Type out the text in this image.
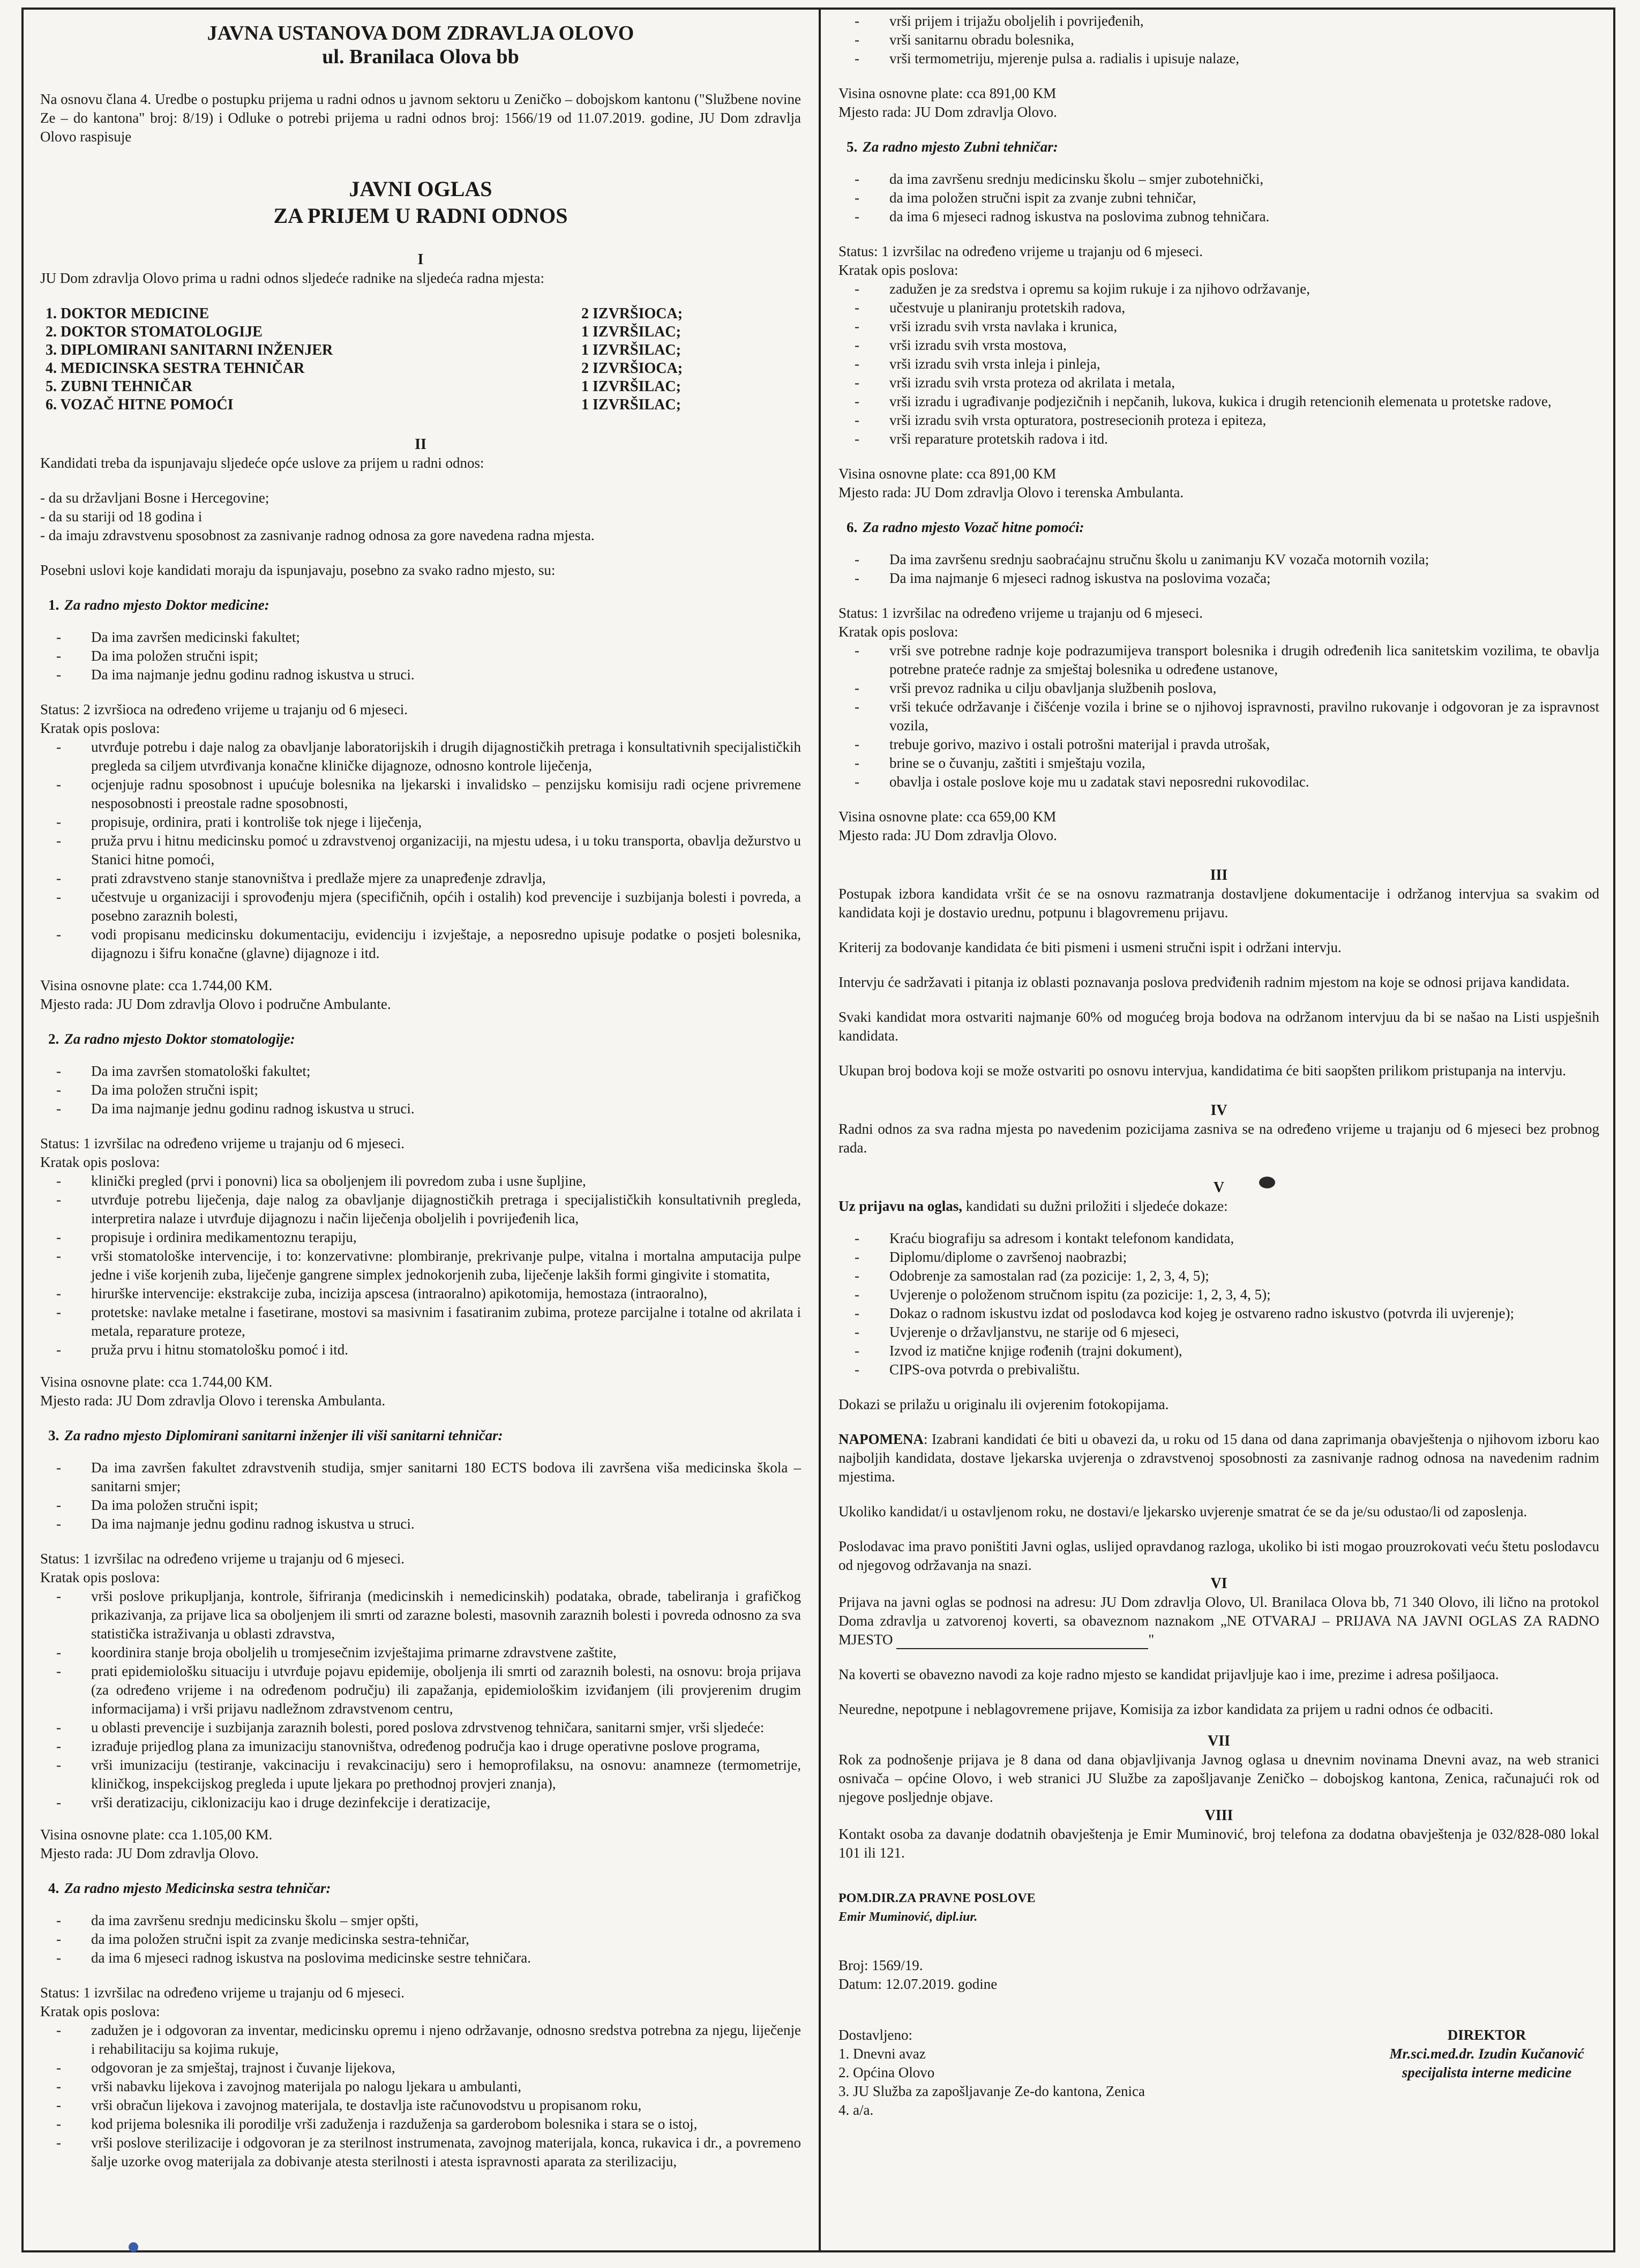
JAVNA USTANOVA DOM ZDRAVLJA OLOVO
ul. Branilaca Olova bb

Na osnovu člana 4. Uredbe o postupku prijema u radni odnos u javnom sektoru u Zeničko – dobojskom kantonu ("Službene novine Ze – do kantona" broj: 8/19) i Odluke o potrebi prijema u radni odnos broj: 1566/19 od 11.07.2019. godine, JU Dom zdravlja Olovo raspisuje

JAVNI OGLAS
ZA PRIJEM U RADNI ODNOS

I

JU Dom zdravlja Olovo prima u radni odnos sljedeće radnike na sljedeća radna mjesta:

1. DOKTOR MEDICINE	2 IZVRŠIOCA;
2. DOKTOR STOMATOLOGIJE	1 IZVRŠILAC;
3. DIPLOMIRANI SANITARNI INŽENJER	1 IZVRŠILAC;
4. MEDICINSKA SESTRA TEHNIČAR	2 IZVRŠIOCA;
5. ZUBNI TEHNIČAR	1 IZVRŠILAC;
6. VOZAČ HITNE POMOĆI	1 IZVRŠILAC;

II

Kandidati treba da ispunjavaju sljedeće opće uslove za prijem u radni odnos:

- da su državljani Bosne i Hercegovine;

- da su stariji od 18 godina i

- da imaju zdravstvenu sposobnost za zasnivanje radnog odnosa za gore navedena radna mjesta.

Posebni uslovi koje kandidati moraju da ispunjavaju, posebno za svako radno mjesto, su:

1. Za radno mjesto Doktor medicine:

- Da ima završen medicinski fakultet;
- Da ima položen stručni ispit;
- Da ima najmanje jednu godinu radnog iskustva u struci.

Status: 2 izvršioca na određeno vrijeme u trajanju od 6 mjeseci.

Kratak opis poslova:

- utvrđuje potrebu i daje nalog za obavljanje laboratorijskih i drugih dijagnostičkih pretraga i konsultativnih specijalističkih pregleda sa ciljem utvrđivanja konačne kliničke dijagnoze, odnosno kontrole liječenja,
- ocjenjuje radnu sposobnost i upućuje bolesnika na ljekarski i invalidsko – penzijsku komisiju radi ocjene privremene nesposobnosti i preostale radne sposobnosti,
- propisuje, ordinira, prati i kontroliše tok njege i liječenja,
- pruža prvu i hitnu medicinsku pomoć u zdravstvenoj organizaciji, na mjestu udesa, i u toku transporta, obavlja dežurstvo u Stanici hitne pomoći,
- prati zdravstveno stanje stanovništva i predlaže mjere za unapređenje zdravlja,
- učestvuje u organizaciji i sprovođenju mjera (specifičnih, općih i ostalih) kod prevencije i suzbijanja bolesti i povreda, a posebno zaraznih bolesti,
- vodi propisanu medicinsku dokumentaciju, evidenciju i izvještaje, a neposredno upisuje podatke o posjeti bolesnika, dijagnozu i šifru konačne (glavne) dijagnoze i itd.

Visina osnovne plate: cca 1.744,00 KM.

Mjesto rada: JU Dom zdravlja Olovo i područne Ambulante.

2. Za radno mjesto Doktor stomatologije:

- Da ima završen stomatološki fakultet;
- Da ima položen stručni ispit;
- Da ima najmanje jednu godinu radnog iskustva u struci.

Status: 1 izvršilac na određeno vrijeme u trajanju od 6 mjeseci.

Kratak opis poslova:

- klinički pregled (prvi i ponovni) lica sa oboljenjem ili povredom zuba i usne šupljine,
- utvrđuje potrebu liječenja, daje nalog za obavljanje dijagnostičkih pretraga i specijalističkih konsultativnih pregleda, interpretira nalaze i utvrđuje dijagnozu i način liječenja oboljelih i povrijeđenih lica,
- propisuje i ordinira medikamentoznu terapiju,
- vrši stomatološke intervencije, i to: konzervativne: plombiranje, prekrivanje pulpe, vitalna i mortalna amputacija pulpe jedne i više korjenih zuba, liječenje gangrene simplex jednokorjenih zuba, liječenje lakših formi gingivite i stomatita,
- hirurške intervencije: ekstrakcije zuba, incizija apscesa (intraoralno) apikotomija, hemostaza (intraoralno),
- protetske: navlake metalne i fasetirane, mostovi sa masivnim i fasatiranim zubima, proteze parcijalne i totalne od akrilata i metala, reparature proteze,
- pruža prvu i hitnu stomatološku pomoć i itd.

Visina osnovne plate: cca 1.744,00 KM.

Mjesto rada: JU Dom zdravlja Olovo i terenska Ambulanta.

3. Za radno mjesto Diplomirani sanitarni inženjer ili viši sanitarni tehničar:

- Da ima završen fakultet zdravstvenih studija, smjer sanitarni 180 ECTS bodova ili završena viša medicinska škola – sanitarni smjer;
- Da ima položen stručni ispit;
- Da ima najmanje jednu godinu radnog iskustva u struci.

Status: 1 izvršilac na određeno vrijeme u trajanju od 6 mjeseci.

Kratak opis poslova:

- vrši poslove prikupljanja, kontrole, šifriranja (medicinskih i nemedicinskih) podataka, obrade, tabeliranja i grafičkog prikazivanja, za prijave lica sa oboljenjem ili smrti od zarazne bolesti, masovnih zaraznih bolesti i povreda odnosno za sva statistička istraživanja u oblasti zdravstva,
- koordinira stanje broja oboljelih u tromjesečnim izvještajima primarne zdravstvene zaštite,
- prati epidemiološku situaciju i utvrđuje pojavu epidemije, oboljenja ili smrti od zaraznih bolesti, na osnovu: broja prijava (za određeno vrijeme i na određenom području) ili zapažanja, epidemiološkim izviđanjem (ili provjerenim drugim informacijama) i vrši prijavu nadležnom zdravstvenom centru,
- u oblasti prevencije i suzbijanja zaraznih bolesti, pored poslova zdrvstvenog tehničara, sanitarni smjer, vrši sljedeće:
- izrađuje prijedlog plana za imunizaciju stanovništva, određenog područja kao i druge operativne poslove programa,
- vrši imunizaciju (testiranje, vakcinaciju i revakcinaciju) sero i hemoprofilaksu, na osnovu: anamneze (termometrije, kliničkog, inspekcijskog pregleda i upute ljekara po prethodnoj provjeri znanja),
- vrši deratizaciju, ciklonizaciju kao i druge dezinfekcije i deratizacije,

Visina osnovne plate: cca 1.105,00 KM.

Mjesto rada: JU Dom zdravlja Olovo.

4. Za radno mjesto Medicinska sestra tehničar:

- da ima završenu srednju medicinsku školu – smjer opšti,
- da ima položen stručni ispit za zvanje medicinska sestra-tehničar,
- da ima 6 mjeseci radnog iskustva na poslovima medicinske sestre tehničara.

Status: 1 izvršilac na određeno vrijeme u trajanju od 6 mjeseci.

Kratak opis poslova:

- zadužen je i odgovoran za inventar, medicinsku opremu i njeno održavanje, odnosno sredstva potrebna za njegu, liječenje i rehabilitaciju sa kojima rukuje,
- odgovoran je za smještaj, trajnost i čuvanje lijekova,
- vrši nabavku lijekova i zavojnog materijala po nalogu ljekara u ambulanti,
- vrši obračun lijekova i zavojnog materijala, te dostavlja iste računovodstvu u propisanom roku,
- kod prijema bolesnika ili porodilje vrši zaduženja i razduženja sa garderobom bolesnika i stara se o istoj,
- vrši poslove sterilizacije i odgovoran je za sterilnost instrumenata, zavojnog materijala, konca, rukavica i dr., a povremeno šalje uzorke ovog materijala za dobivanje atesta sterilnosti i atesta ispravnosti aparata za sterilizaciju,
- vrši prijem i trijažu oboljelih i povrijeđenih,
- vrši sanitarnu obradu bolesnika,
- vrši termometriju, mjerenje pulsa a. radialis i upisuje nalaze,

Visina osnovne plate: cca 891,00 KM

Mjesto rada: JU Dom zdravlja Olovo.

5. Za radno mjesto Zubni tehničar:

- da ima završenu srednju medicinsku školu – smjer zubotehnički,
- da ima položen stručni ispit za zvanje zubni tehničar,
- da ima 6 mjeseci radnog iskustva na poslovima zubnog tehničara.

Status: 1 izvršilac na određeno vrijeme u trajanju od 6 mjeseci.

Kratak opis poslova:

- zadužen je za sredstva i opremu sa kojim rukuje i za njihovo održavanje,
- učestvuje u planiranju protetskih radova,
- vrši izradu svih vrsta navlaka i krunica,
- vrši izradu svih vrsta mostova,
- vrši izradu svih vrsta inleja i pinleja,
- vrši izradu svih vrsta proteza od akrilata i metala,
- vrši izradu i ugrađivanje podjezičnih i nepčanih, lukova, kukica i drugih retencionih elemenata u protetske radove,
- vrši izradu svih vrsta opturatora, postresecionih proteza i epiteza,
- vrši reparature protetskih radova i itd.

Visina osnovne plate: cca 891,00 KM

Mjesto rada: JU Dom zdravlja Olovo i terenska Ambulanta.

6. Za radno mjesto Vozač hitne pomoći:

- Da ima završenu srednju saobraćajnu stručnu školu u zanimanju KV vozača motornih vozila;
- Da ima najmanje 6 mjeseci radnog iskustva na poslovima vozača;

Status: 1 izvršilac na određeno vrijeme u trajanju od 6 mjeseci.

Kratak opis poslova:

- vrši sve potrebne radnje koje podrazumijeva transport bolesnika i drugih određenih lica sanitetskim vozilima, te obavlja potrebne prateće radnje za smještaj bolesnika u određene ustanove,
- vrši prevoz radnika u cilju obavljanja službenih poslova,
- vrši tekuće održavanje i čišćenje vozila i brine se o njihovoj ispravnosti, pravilno rukovanje i odgovoran je za ispravnost vozila,
- trebuje gorivo, mazivo i ostali potrošni materijal i pravda utrošak,
- brine se o čuvanju, zaštiti i smještaju vozila,
- obavlja i ostale poslove koje mu u zadatak stavi neposredni rukovodilac.

Visina osnovne plate: cca 659,00 KM

Mjesto rada: JU Dom zdravlja Olovo.

III

Postupak izbora kandidata vršit će se na osnovu razmatranja dostavljene dokumentacije i održanog intervjua sa svakim od kandidata koji je dostavio urednu, potpunu i blagovremenu prijavu.

Kriterij za bodovanje kandidata će biti pismeni i usmeni stručni ispit i održani intervju.

Intervju će sadržavati i pitanja iz oblasti poznavanja poslova predviđenih radnim mjestom na koje se odnosi prijava kandidata.

Svaki kandidat mora ostvariti najmanje 60% od mogućeg broja bodova na održanom intervjuu da bi se našao na Listi uspješnih kandidata.

Ukupan broj bodova koji se može ostvariti po osnovu intervjua, kandidatima će biti saopšten prilikom pristupanja na intervju.

IV

Radni odnos za sva radna mjesta po navedenim pozicijama zasniva se na određeno vrijeme u trajanju od 6 mjeseci bez probnog rada.

V

Uz prijavu na oglas, kandidati su dužni priložiti i sljedeće dokaze:

- Kraću biografiju sa adresom i kontakt telefonom kandidata,
- Diplomu/diplome o završenoj naobrazbi;
- Odobrenje za samostalan rad (za pozicije: 1, 2, 3, 4, 5);
- Uvjerenje o položenom stručnom ispitu (za pozicije: 1, 2, 3, 4, 5);
- Dokaz o radnom iskustvu izdat od poslodavca kod kojeg je ostvareno radno iskustvo (potvrda ili uvjerenje);
- Uvjerenje o državljanstvu, ne starije od 6 mjeseci,
- Izvod iz matične knjige rođenih (trajni dokument),
- CIPS-ova potvrda o prebivalištu.

Dokazi se prilažu u originalu ili ovjerenim fotokopijama.

NAPOMENA: Izabrani kandidati će biti u obavezi da, u roku od 15 dana od dana zaprimanja obavještenja o njihovom izboru kao najboljih kandidata, dostave ljekarska uvjerenja o zdravstvenoj sposobnosti za zasnivanje radnog odnosa na navedenim radnim mjestima.

Ukoliko kandidat/i u ostavljenom roku, ne dostavi/e ljekarsko uvjerenje smatrat će se da je/su odustao/li od zaposlenja.

Poslodavac ima pravo poništiti Javni oglas, uslijed opravdanog razloga, ukoliko bi isti mogao prouzrokovati veću štetu poslodavcu od njegovog održavanja na snazi.

VI

Prijava na javni oglas se podnosi na adresu: JU Dom zdravlja Olovo, Ul. Branilaca Olova bb, 71 340 Olovo, ili lično na protokol Doma zdravlja u zatvorenoj koverti, sa obaveznom naznakom „NE OTVARAJ – PRIJAVA NA JAVNI OGLAS ZA RADNO MJESTO	"

Na koverti se obavezno navodi za koje radno mjesto se kandidat prijavljuje kao i ime, prezime i adresa pošiljaoca.

Neuredne, nepotpune i neblagovremene prijave, Komisija za izbor kandidata za prijem u radni odnos će odbaciti.

VII

Rok za podnošenje prijava je 8 dana od dana objavljivanja Javnog oglasa u dnevnim novinama Dnevni avaz, na web stranici osnivača – općine Olovo, i web stranici JU Službe za zapošljavanje Zeničko – dobojskog kantona, Zenica, računajući rok od njegove posljednje objave.

VIII

Kontakt osoba za davanje dodatnih obavještenja je Emir Muminović, broj telefona za dodatna obavještenja je 032/828-080 lokal 101 ili 121.

POM.DIR.ZA PRAVNE POSLOVE

Emir Muminović, dipl.iur.

Broj: 1569/19.

Datum: 12.07.2019. godine

Dostavljeno:

1. Dnevni avaz

2. Općina Olovo

3. JU Služba za zapošljavanje Ze-do kantona, Zenica

4. a/a.

DIREKTOR

Mr.sci.med.dr. Izudin Kučanović

specijalista interne medicine
